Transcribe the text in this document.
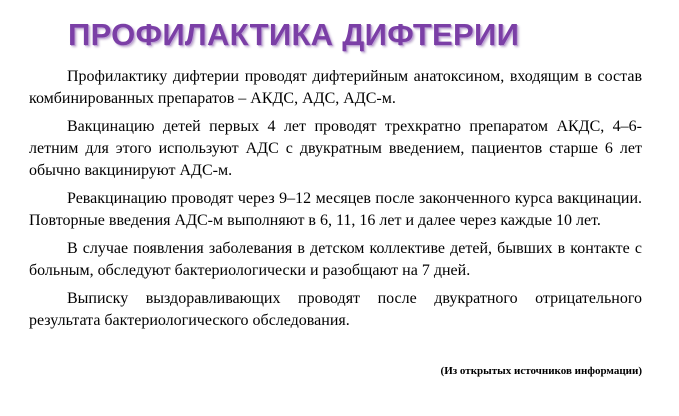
ПРОФИЛАКТИКА ДИФТЕРИИ

Профилактику дифтерии проводят дифтерийным анатоксином, входящим в состав комбинированных препаратов – АКДС, АДС, АДС-м.

Вакцинацию детей первых 4 лет проводят трехкратно препаратом АКДС, 4–6-летним для этого используют АДС с двукратным введением, пациентов старше 6 лет обычно вакцинируют АДС-м.

Ревакцинацию проводят через 9–12 месяцев после законченного курса вакцинации. Повторные введения АДС-м выполняют в 6, 11, 16 лет и далее через каждые 10 лет.

В случае появления заболевания в детском коллективе детей, бывших в контакте с больным, обследуют бактериологически и разобщают на 7 дней.

Выписку выздоравливающих проводят после двукратного отрицательного результата бактериологического обследования.

(Из открытых источников информации)
